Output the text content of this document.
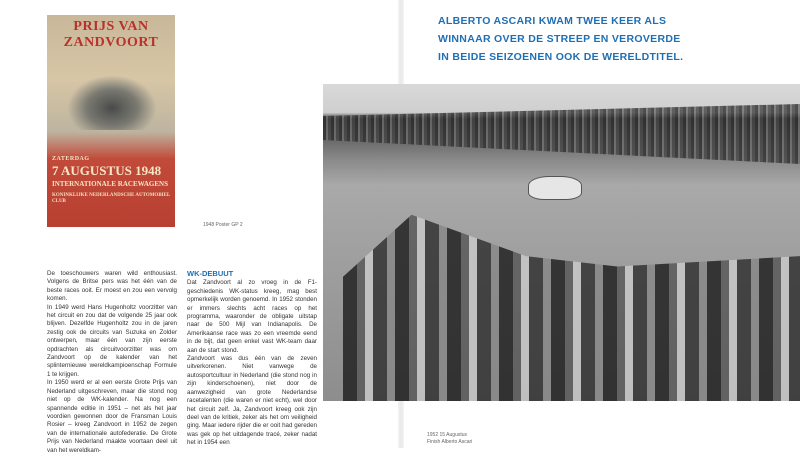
PRIJS VAN ZANDVOORT
ZATERDAG
7 AUGUSTUS 1948
INTERNATIONALE RACEWAGENS
KONINKLIJKE NEDERLANDSCHE AUTOMOBIEL CLUB
1948 Poster GP 2

De toeschouwers waren wild enthousiast. Volgens de Britse pers was het één van de beste races ooit. Er moest en zou een vervolg komen.

In 1949 werd Hans Hugenholtz voorzitter van het circuit en zou dat de volgende 25 jaar ook blijven. Dezelfde Hugenholtz zou in de jaren zestig ook de circuits van Suzuka en Zolder ontwerpen, maar één van zijn eerste opdrachten als circuitvoorzitter was om Zandvoort op de kalender van het splinternieuwe wereldkampioenschap Formule 1 te krijgen.

In 1950 werd er al een eerste Grote Prijs van Nederland uitgeschreven, maar die stond nog niet op de WK-kalender. Na nog een spannende editie in 1951 – net als het jaar voordien gewonnen door de Fransman Louis Rosier – kreeg Zandvoort in 1952 de zegen van de internationale autofederatie. De Grote Prijs van Nederland maakte voortaan deel uit van het wereldkam-

WK-DEBUUT

Dat Zandvoort al zo vroeg in de F1-geschiedenis WK-status kreeg, mag best opmerkelijk worden genoemd. In 1952 stonden er immers slechts acht races op het programma, waaronder de obligate uitstap naar de 500 Mijl van Indianapolis. De Amerikaanse race was zo een vreemde eend in de bijt, dat geen enkel vast WK-team daar aan de start stond.

Zandvoort was dus één van de zeven uitverkorenen. Niet vanwege de autosportcultuur in Nederland (die stond nog in zijn kinderschoenen), niet door de aanwezigheid van grote Nederlandse racetalenten (die waren er niet echt), wel door het circuit zelf. Ja, Zandvoort kreeg ook zijn deel van de kritiek, zeker als het om veiligheid ging. Maar iedere rijder die er ooit had gereden was gek op het uitdagende tracé, zeker nadat het in 1954 een

ALBERTO ASCARI KWAM TWEE KEER ALS
WINNAAR OVER DE STREEP EN VEROVERDE
IN BEIDE SEIZOENEN OOK DE WERELDTITEL.
1952 15 Augustus
Finish Alberto Ascari
